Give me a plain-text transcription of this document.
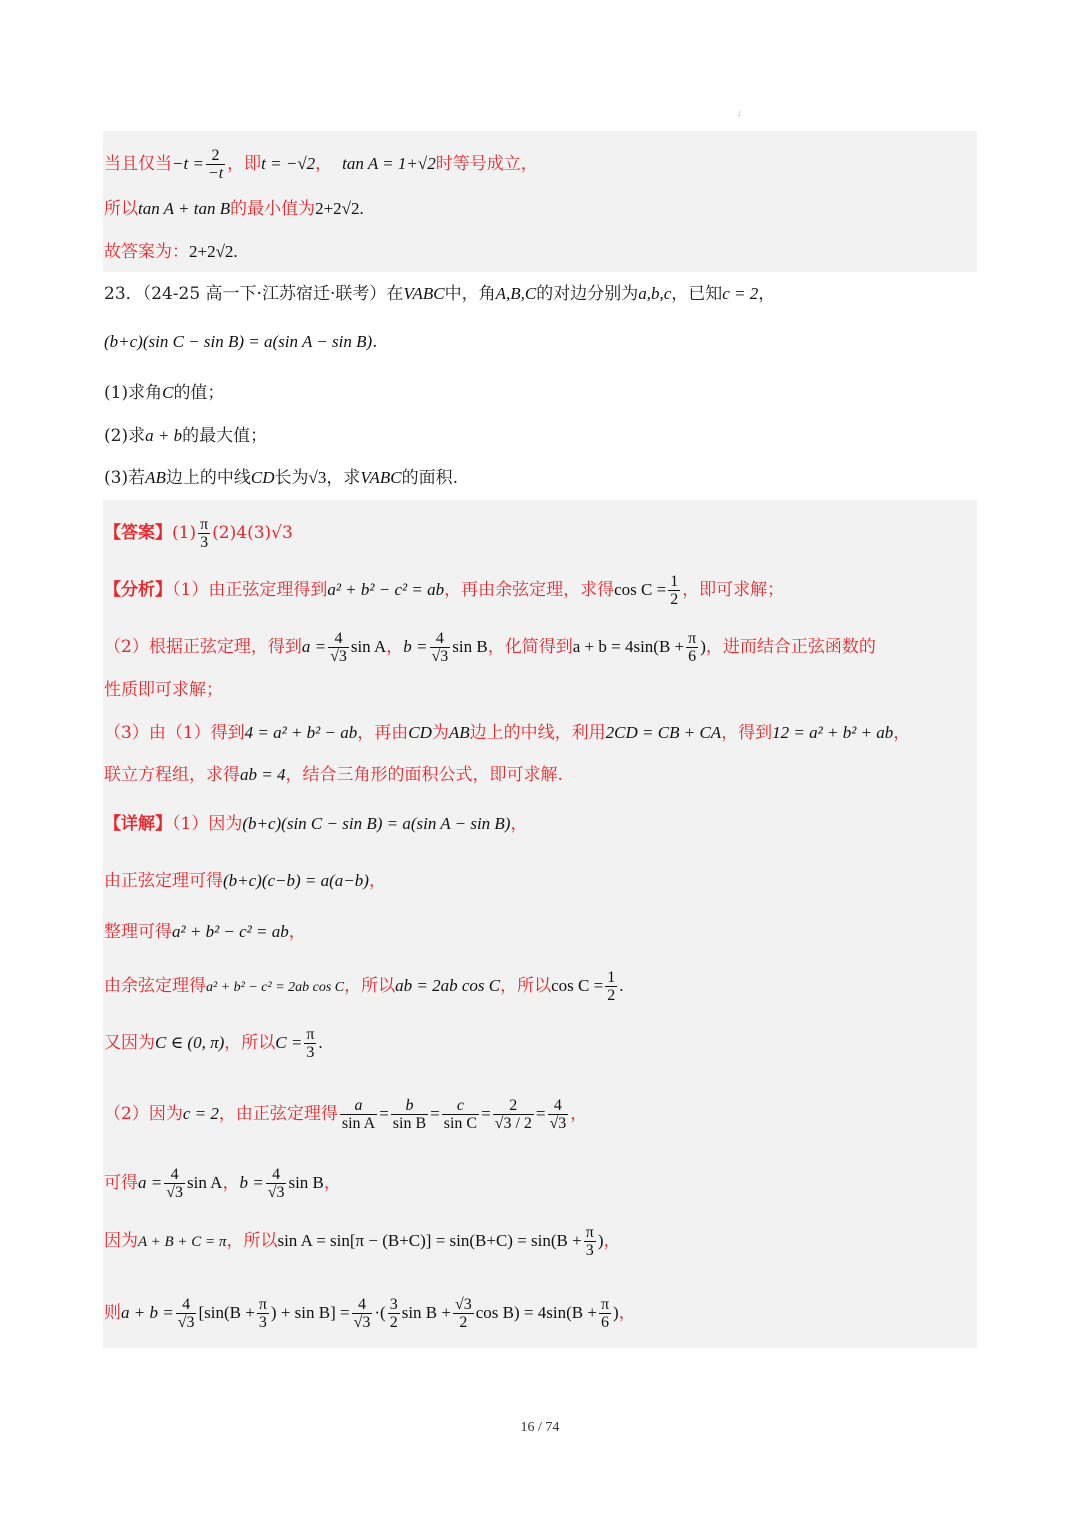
;
当且仅当$-t = \frac{2}{-t}$ ，即t = −√2， tan A = 1+√2时等号成立，
所以tan A + tan B的最小值为2+2√2.
故答案为：2+2√2.
23．（24-25 高一下·江苏宿迁·联考）在VABC中，角A,B,C的对边分别为a,b,c，已知c = 2，
(b+c)(sin C − sin B) = a(sin A − sin B).
(1)求角C的值；
(2)求a + b的最大值；
(3)若AB边上的中线CD长为√3，求VABC的面积.
【答案】$(1) \frac{\pi}{3} (2)4(3)√3$
【分析】（1）由正弦定理得到a² + b² − c² = ab，再由余弦定理，求得$\cos C = \frac{1}{2}$ ，即可求解；
（2）根据正弦定理，得到$a = \frac{4}{√3}$ sin A，$b = \frac{4}{√3}$ sin B，化简得到$a + b = 4\sin(B + \frac{\pi}{6}$ )，进而结合正弦函数的
性质即可求解；
（3）由（1）得到4 = a² + b² − ab，再由CD为AB边上的中线，利用2CD = CB + CA，得到12 = a² + b² + ab，
联立方程组，求得ab = 4，结合三角形的面积公式，即可求解.
【详解】（1）因为(b+c)(sin C − sin B) = a(sin A − sin B)，
由正弦定理可得(b+c)(c−b) = a(a−b)，
整理可得a² + b² − c² = ab，
由余弦定理得a² + b² − c² = 2ab cos C，所以ab = 2ab cos C，所以$\cos C = \frac{1}{2}$ .
又因为C ∈ (0, π)，所以$C = \frac{\pi}{3}$ .
（2）因为c = 2，由正弦定理得 $\frac{a}{\text{sin A}} = \frac{b}{\text{sin B}} = \frac{c}{\text{sin C}} = \frac{2}{√3 / 2} = \frac{4}{√3}$ ，
可得$a = \frac{4}{√3}$ sin A，$b = \frac{4}{√3}$ sin B，
因为A + B + C = π，所以$\sin A = \sin[\pi - (B+C)] = \sin(B+C) = \sin(B + \frac{\pi}{3}$ )，
则$a + b = \frac{4}{√3} [\sin(B + \frac{\pi}{3}$ ) + $\sin B] = \frac{4}{√3}$ ·( $\frac{3}{2}$ $\sin B + \frac{√3}{2}$ $\cos B) = 4\sin(B + \frac{\pi}{6}$ )，
16 / 74
